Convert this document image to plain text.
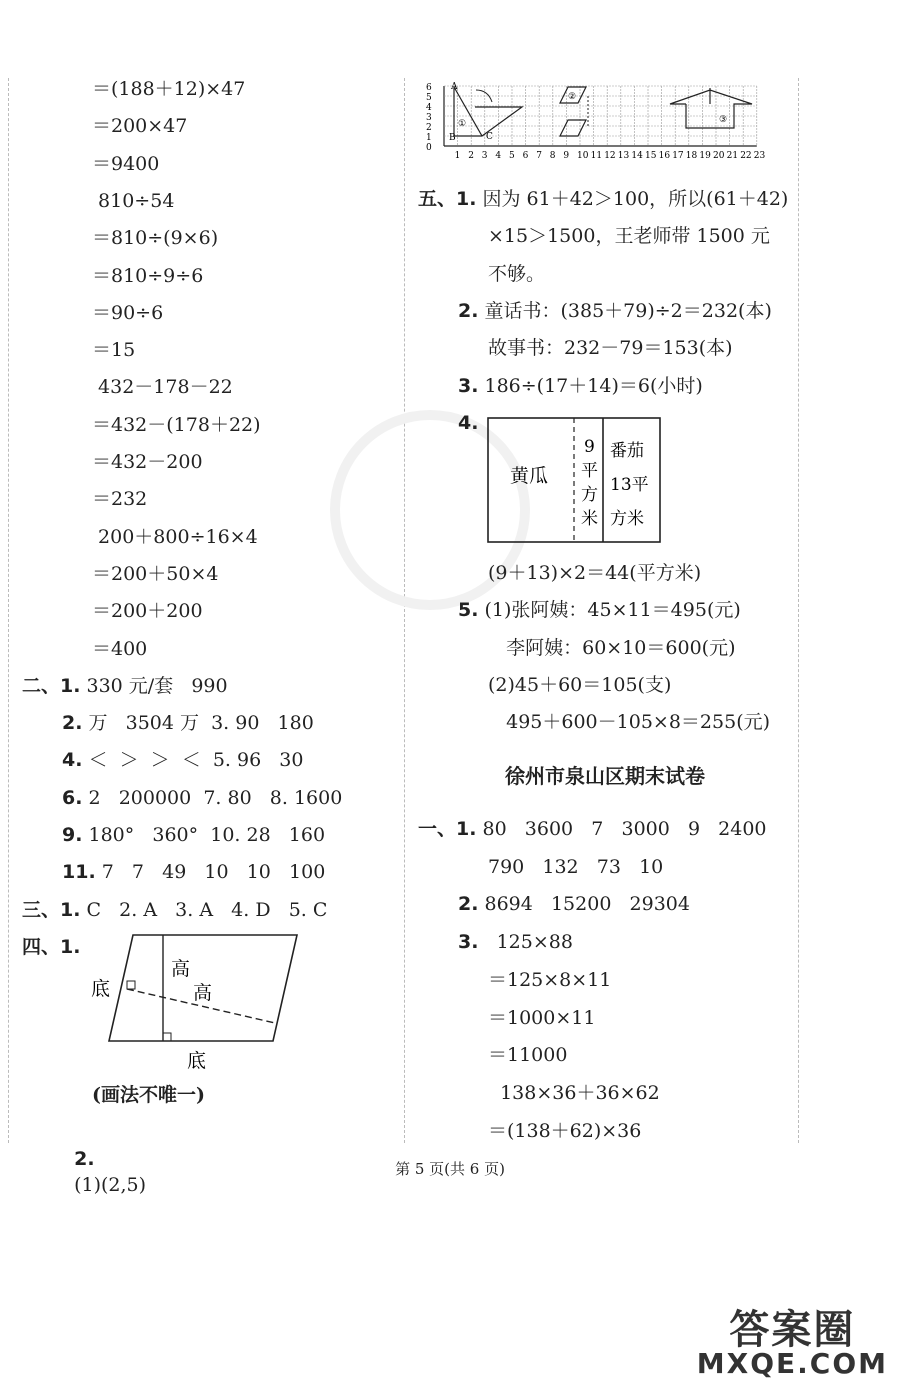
＝(188＋12)×47
＝200×47
＝9400
810÷54
＝810÷(9×6)
＝810÷9÷6
＝90÷6
＝15
432－178－22
＝432－(178＋22)
＝432－200
＝232
200＋800÷16×4
＝200＋50×4
＝200＋200
＝400
二、1. 330 元/套   990
2. 万   3504 万  3. 90   180
4. ＜  ＞  ＞  ＜  5. 96   30
6. 2   200000  7. 80   8. 1600
9. 180°   360°  10. 28   160
11. 7   7   49   10   10   100
三、1. C   2. A   3. A   4. D   5. C
四、1.
高
高
底
底
(画法不唯一)

2.
(1)(2,5)

0
1 2 3 4 5 6 7 8 9 10 11 12 13 14 15 16 17 18 19 20 21 22 23
1
2
3
4
5
6 A
B	C
①
②
③
五、1. 因为 61＋42＞100，所以(61＋42)
×15＞1500，王老师带 1500 元
不够。
2. 童话书：(385＋79)÷2＝232(本)
故事书：232－79＝153(本)
3. 186÷(17＋14)＝6(小时)
4.
(9＋13)×2＝44(平方米)
5. (1)张阿姨：45×11＝495(元)
李阿姨：60×10＝600(元)
(2)45＋60＝105(支)
495＋600－105×8＝255(元)
一、1. 80   3600   7   3000   9   2400
790   132   73   10
2. 8694   15200   29304
3.   125×88
＝125×8×11
＝1000×11
＝11000
138×36＋36×62
＝(138＋62)×36
黄瓜
9
平
方
米
番茄
13平
方米
徐州市泉山区期末试卷
第 5 页(共 6 页)
答案圈
MXQE.COM
